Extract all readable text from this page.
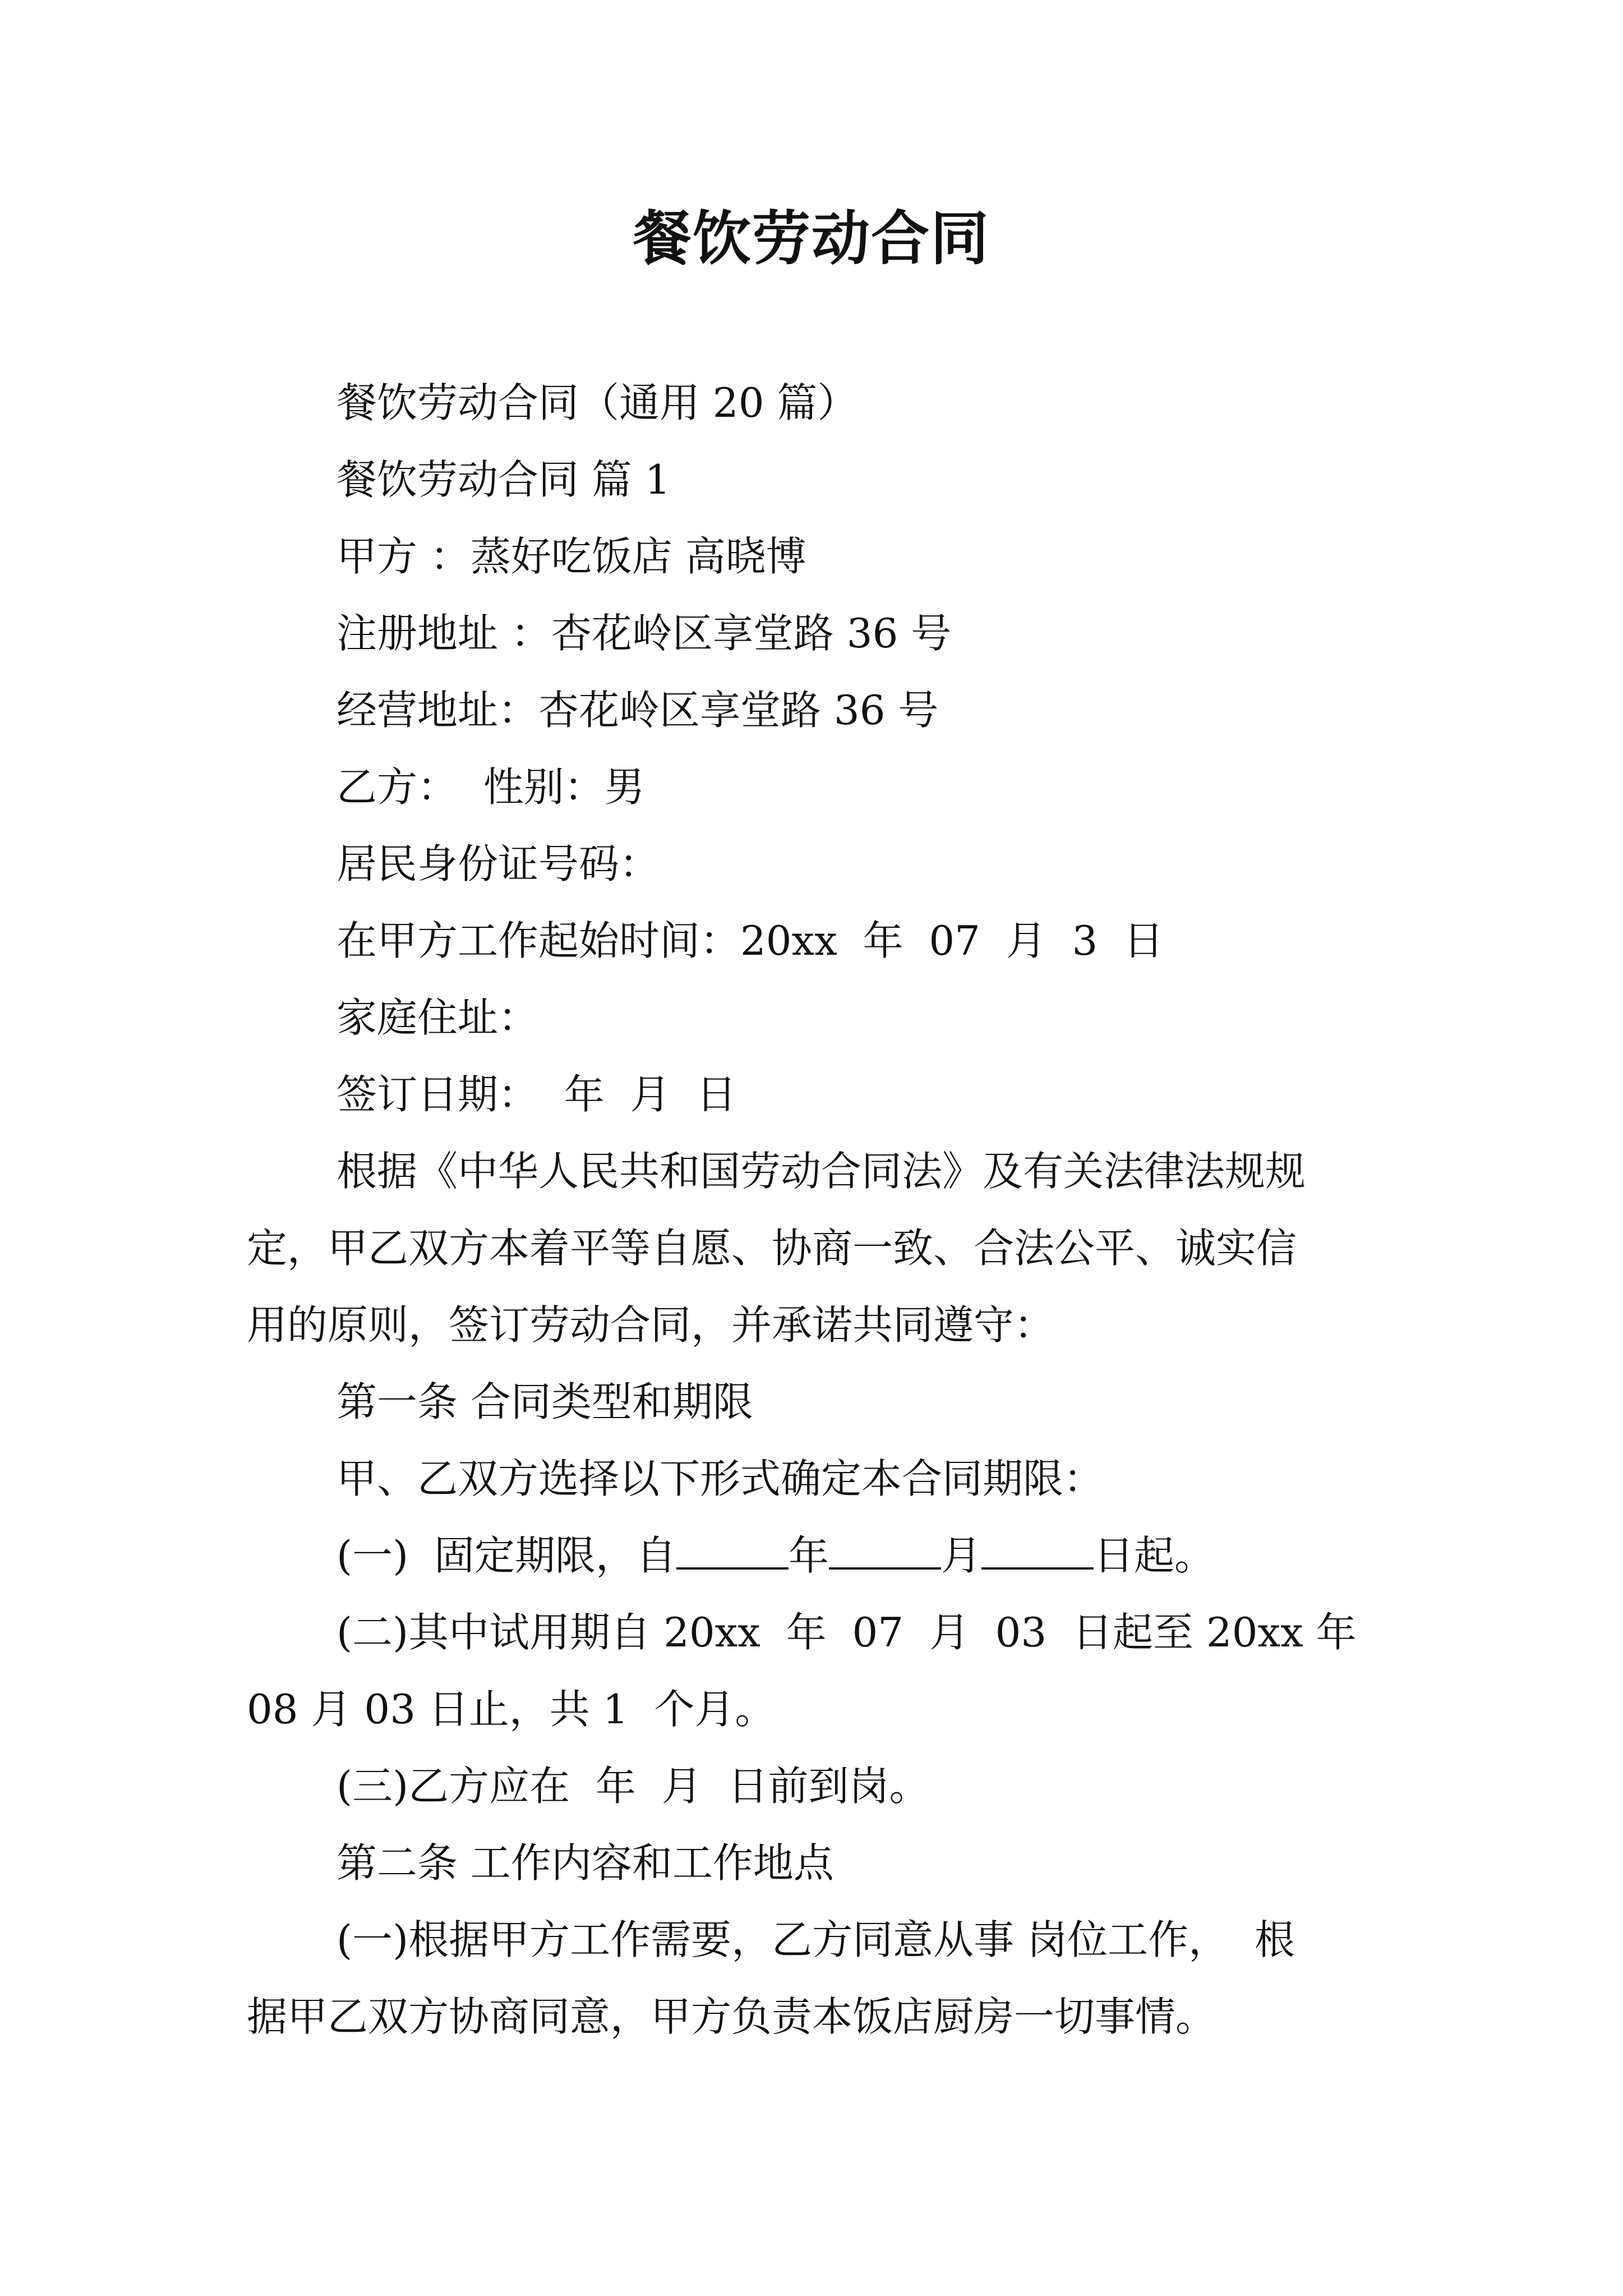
餐饮劳动合同

餐饮劳动合同（通用 20 篇）

餐饮劳动合同 篇 1

甲方 ：蒸好吃饭店 高晓博

注册地址 ：杏花岭区享堂路 36 号

经营地址：杏花岭区享堂路 36 号

乙方：  性别：男

居民身份证号码：

在甲方工作起始时间：20xx  年  07  月  3  日

家庭住址：

签订日期：  年  月  日

根据《中华人民共和国劳动合同法》及有关法律法规规

定，甲乙双方本着平等自愿、协商一致、合法公平、诚实信

用的原则，签订劳动合同，并承诺共同遵守：

第一条 合同类型和期限

甲、乙双方选择以下形式确定本合同期限：

(一)  固定期限，自	年	月	日起。

(二)其中试用期自 20xx  年  07  月  03  日起至 20xx 年

08 月 03 日止，共 1  个月。

(三)乙方应在  年  月  日前到岗。

第二条 工作内容和工作地点

(一)根据甲方工作需要，乙方同意从事 岗位工作，  根

据甲乙双方协商同意，甲方负责本饭店厨房一切事情。
